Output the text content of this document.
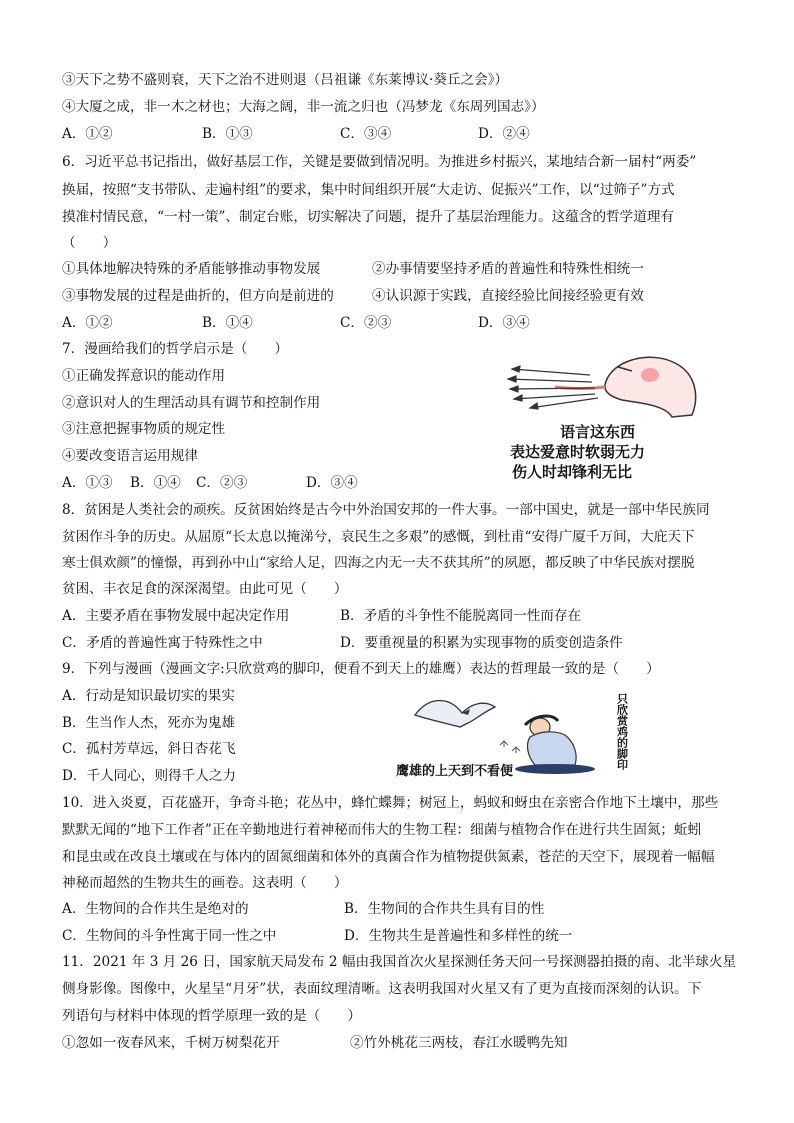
③天下之势不盛则衰，天下之治不进则退（吕祖谦《东莱博议·葵丘之会》）
④大厦之成，非一木之材也；大海之阔，非一流之归也（冯梦龙《东周列国志》）
A．①②	B．①③	C．③④	D．②④
6．习近平总书记指出，做好基层工作，关键是要做到情况明。为推进乡村振兴，某地结合新一届村“两委”
换届，按照“支书带队、走遍村组”的要求，集中时间组织开展“大走访、促振兴”工作，以“过筛子”方式
摸准村情民意，“一村一策”、制定台账，切实解决了问题，提升了基层治理能力。这蕴含的哲学道理有
（　　）
①具体地解决特殊的矛盾能够推动事物发展	②办事情要坚持矛盾的普遍性和特殊性相统一
③事物发展的过程是曲折的，但方向是前进的	④认识源于实践，直接经验比间接经验更有效
A．①②	B．①④	C．②③	D．③④
7．漫画给我们的哲学启示是（　　）
①正确发挥意识的能动作用
②意识对人的生理活动具有调节和控制作用
③注意把握事物质的规定性
④要改变语言运用规律
A．①③ B．①④ C．②③	D．③④
语言这东西
表达爱意时软弱无力
伤人时却锋利无比
8．贫困是人类社会的顽疾。反贫困始终是古今中外治国安邦的一件大事。一部中国史，就是一部中华民族同
贫困作斗争的历史。从屈原“长太息以掩涕兮，哀民生之多艰”的感慨，到杜甫“安得广厦千万间，大庇天下
寒士俱欢颜”的憧憬，再到孙中山“家给人足，四海之内无一夫不获其所”的夙愿，都反映了中华民族对摆脱
贫困、丰衣足食的深深渴望。由此可见（　　）
A．主要矛盾在事物发展中起决定作用	B．矛盾的斗争性不能脱离同一性而存在
C．矛盾的普遍性寓于特殊性之中	D．要重视量的积累为实现事物的质变创造条件
9．下列与漫画（漫画文字:只欣赏鸡的脚印，便看不到天上的雄鹰）表达的哲理最一致的是（　　）
A．行动是知识最切实的果实
B．生当作人杰，死亦为鬼雄
C．孤村芳草远，斜日杏花飞
D．千人同心，则得千人之力	鹰雄的上天到不看便
只欣赏鸡的脚印
10．进入炎夏，百花盛开，争奇斗艳；花丛中，蜂忙蝶舞；树冠上，蚂蚁和蚜虫在亲密合作地下土壤中，那些
默默无闻的“地下工作者”正在辛勤地进行着神秘而伟大的生物工程：细菌与植物合作在进行共生固氮；蚯蚓
和昆虫或在改良土壤或在与体内的固氮细菌和体外的真菌合作为植物提供氮素，苍茫的天空下，展现着一幅幅
神秘而超然的生物共生的画卷。这表明（　　）
A．生物间的合作共生是绝对的	B．生物间的合作共生具有目的性
C．生物间的斗争性寓于同一性之中	D．生物共生是普遍性和多样性的统一
11．2021 年 3 月 26 日，国家航天局发布 2 幅由我国首次火星探测任务天问一号探测器拍摄的南、北半球火星
侧身影像。图像中，火星呈“月牙”状，表面纹理清晰。这表明我国对火星又有了更为直接而深刻的认识。下
列语句与材料中体现的哲学原理一致的是（　　）
①忽如一夜春风来，千树万树梨花开	②竹外桃花三两枝，春江水暖鸭先知
